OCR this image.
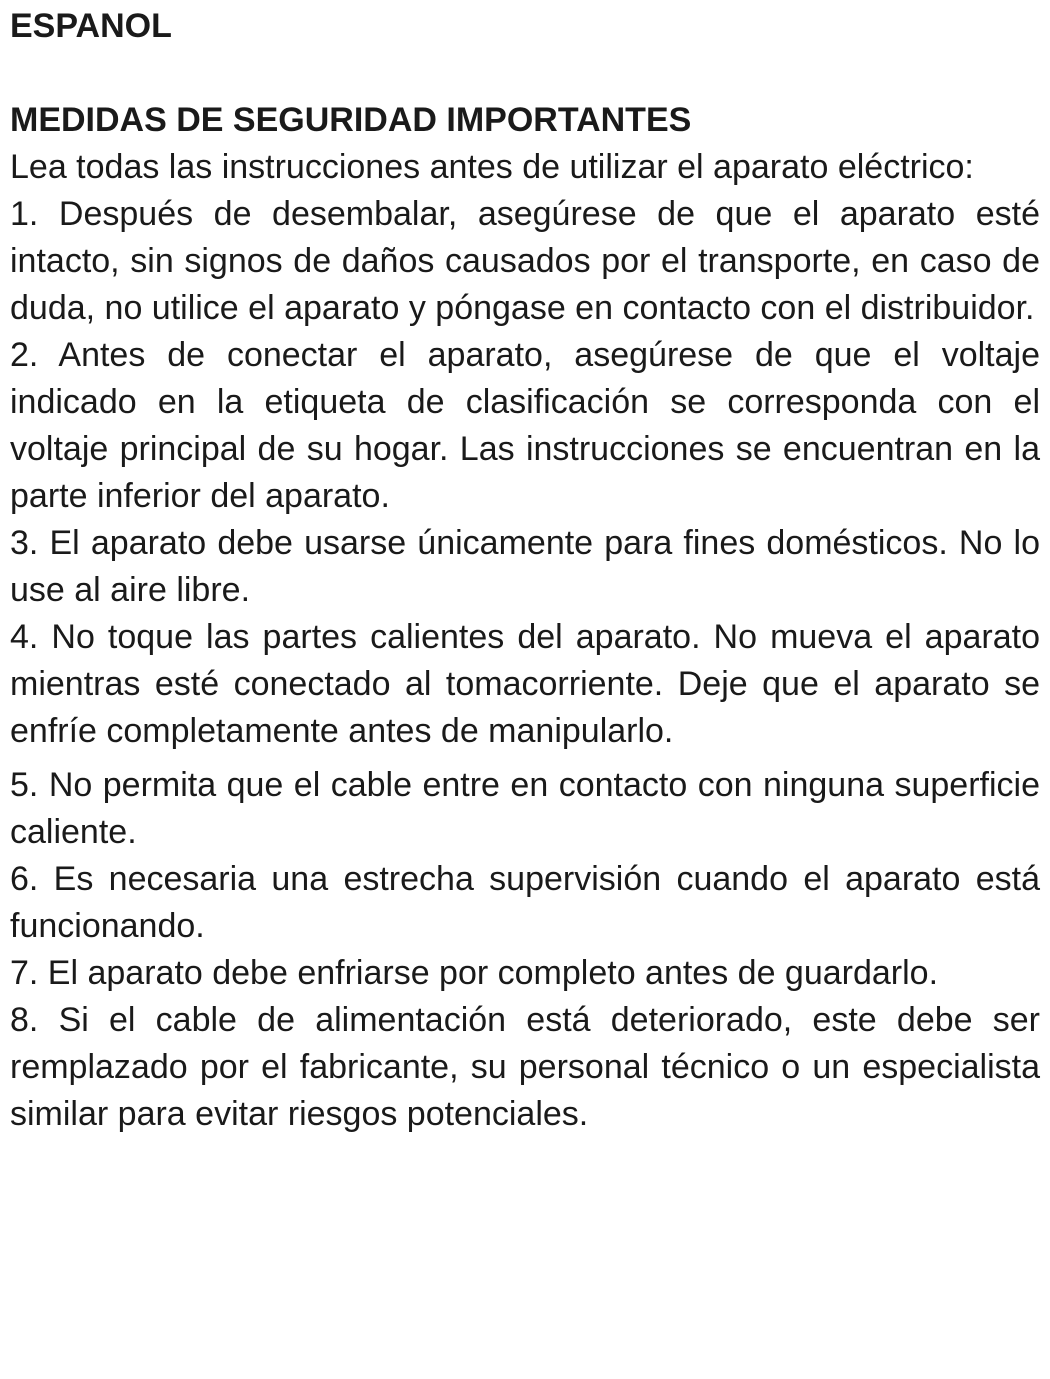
ESPANOL
MEDIDAS DE SEGURIDAD IMPORTANTES

Lea todas las instrucciones antes de utilizar el aparato eléctrico:

1. Después de desembalar, asegúrese de que el aparato esté intacto, sin signos de daños causados por el transporte, en caso de duda, no utilice el aparato y póngase en contacto con el distribuidor.

2. Antes de conectar el aparato, asegúrese de que el voltaje indicado en la etiqueta de clasificación se corresponda con el voltaje principal de su hogar. Las instrucciones se encuentran en la parte inferior del aparato.

3. El aparato debe usarse únicamente para fines domésticos. No lo use al aire libre.

4. No toque las partes calientes del aparato. No mueva el aparato mientras esté conectado al tomacorriente. Deje que el aparato se enfríe completamente antes de manipularlo.

5. No permita que el cable entre en contacto con ninguna superficie caliente.

6. Es necesaria una estrecha supervisión cuando el aparato está funcionando.

7. El aparato debe enfriarse por completo antes de guardarlo.

8. Si el cable de alimentación está deteriorado, este debe ser remplazado por el fabricante, su personal técnico o un especialista similar para evitar riesgos potenciales.
